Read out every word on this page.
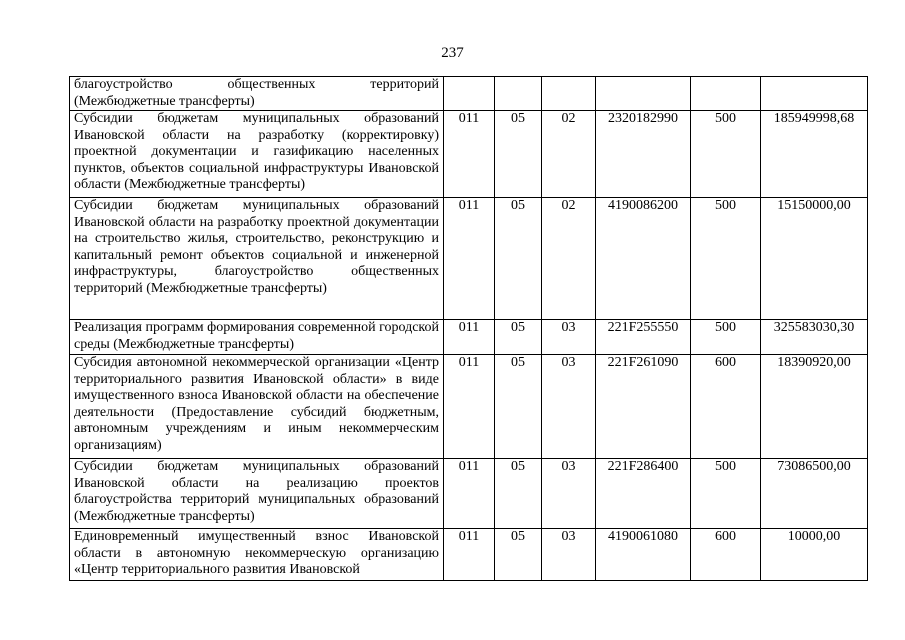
237
благоустройство общественных территорий (Межбюджетные трансферты)						
Субсидии бюджетам муниципальных образований Ивановской области на разработку (корректировку) проектной документации и газификацию населенных пунктов, объектов социальной инфраструктуры Ивановской области (Межбюджетные трансферты)	011	05	02	2320182990	500	185949998,68
Субсидии бюджетам муниципальных образований Ивановской области на разработку проектной документации на строительство жилья, строительство, реконструкцию и капитальный ремонт объектов социальной и инженерной инфраструктуры, благоустройство общественных территорий (Межбюджетные трансферты)	011	05	02	4190086200	500	15150000,00
Реализация программ формирования современной городской среды (Межбюджетные трансферты)	011	05	03	221F255550	500	325583030,30
Субсидия автономной некоммерческой организации «Центр территориального развития Ивановской области» в виде имущественного взноса Ивановской области на обеспечение деятельности (Предоставление субсидий бюджетным, автономным учреждениям и иным некоммерческим организациям)	011	05	03	221F261090	600	18390920,00
Субсидии бюджетам муниципальных образований Ивановской области на реализацию проектов благоустройства территорий муниципальных образований (Межбюджетные трансферты)	011	05	03	221F286400	500	73086500,00
Единовременный имущественный взнос Ивановской области в автономную некоммерческую организацию «Центр территориального развития Ивановской	011	05	03	4190061080	600	10000,00
